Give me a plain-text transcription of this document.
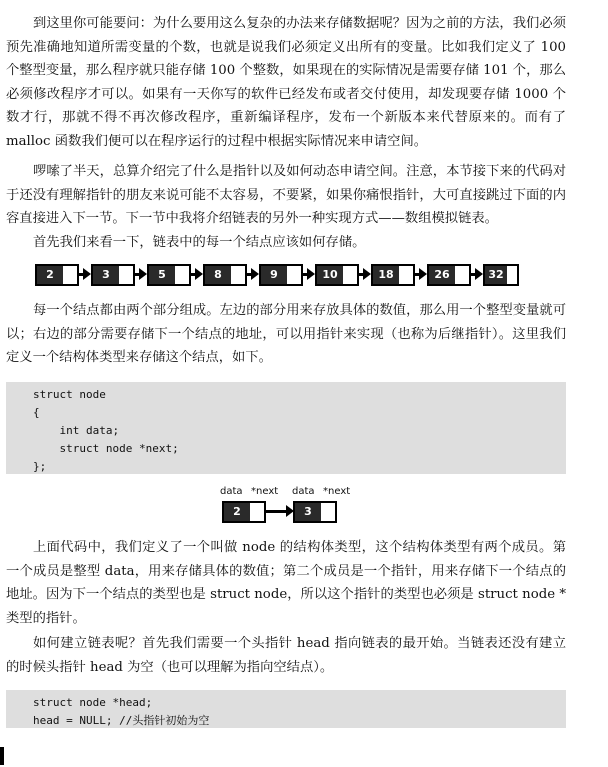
到这里你可能要问：为什么要用这么复杂的办法来存储数据呢？因为之前的方法，我们必须预先准确地知道所需变量的个数，也就是说我们必须定义出所有的变量。比如我们定义了 100 个整型变量，那么程序就只能存储 100 个整数，如果现在的实际情况是需要存储 101 个，那么必须修改程序才可以。如果有一天你写的软件已经发布或者交付使用，却发现要存储 1000 个数才行，那就不得不再次修改程序，重新编译程序，发布一个新版本来代替原来的。而有了 malloc 函数我们便可以在程序运行的过程中根据实际情况来申请空间。

啰嗦了半天，总算介绍完了什么是指针以及如何动态申请空间。注意，本节接下来的代码对于还没有理解指针的朋友来说可能不太容易，不要紧，如果你痛恨指针，大可直接跳过下面的内容直接进入下一节。下一节中我将介绍链表的另外一种实现方式——数组模拟链表。

首先我们来看一下，链表中的每一个结点应该如何存储。

2	3	5	8	9	10	18	26	32

每一个结点都由两个部分组成。左边的部分用来存放具体的数值，那么用一个整型变量就可以；右边的部分需要存储下一个结点的地址，可以用指针来实现（也称为后继指针）。这里我们定义一个结构体类型来存储这个结点，如下。

struct node
{
int data;
struct node *next;
};
data *next data *next
2	3

上面代码中，我们定义了一个叫做 node 的结构体类型，这个结构体类型有两个成员。第一个成员是整型 data，用来存储具体的数值；第二个成员是一个指针，用来存储下一个结点的地址。因为下一个结点的类型也是 struct node，所以这个指针的类型也必须是 struct node * 类型的指针。

如何建立链表呢？首先我们需要一个头指针 head 指向链表的最开始。当链表还没有建立的时候头指针 head 为空（也可以理解为指向空结点）。

struct node *head;
head = NULL; //头指针初始为空
